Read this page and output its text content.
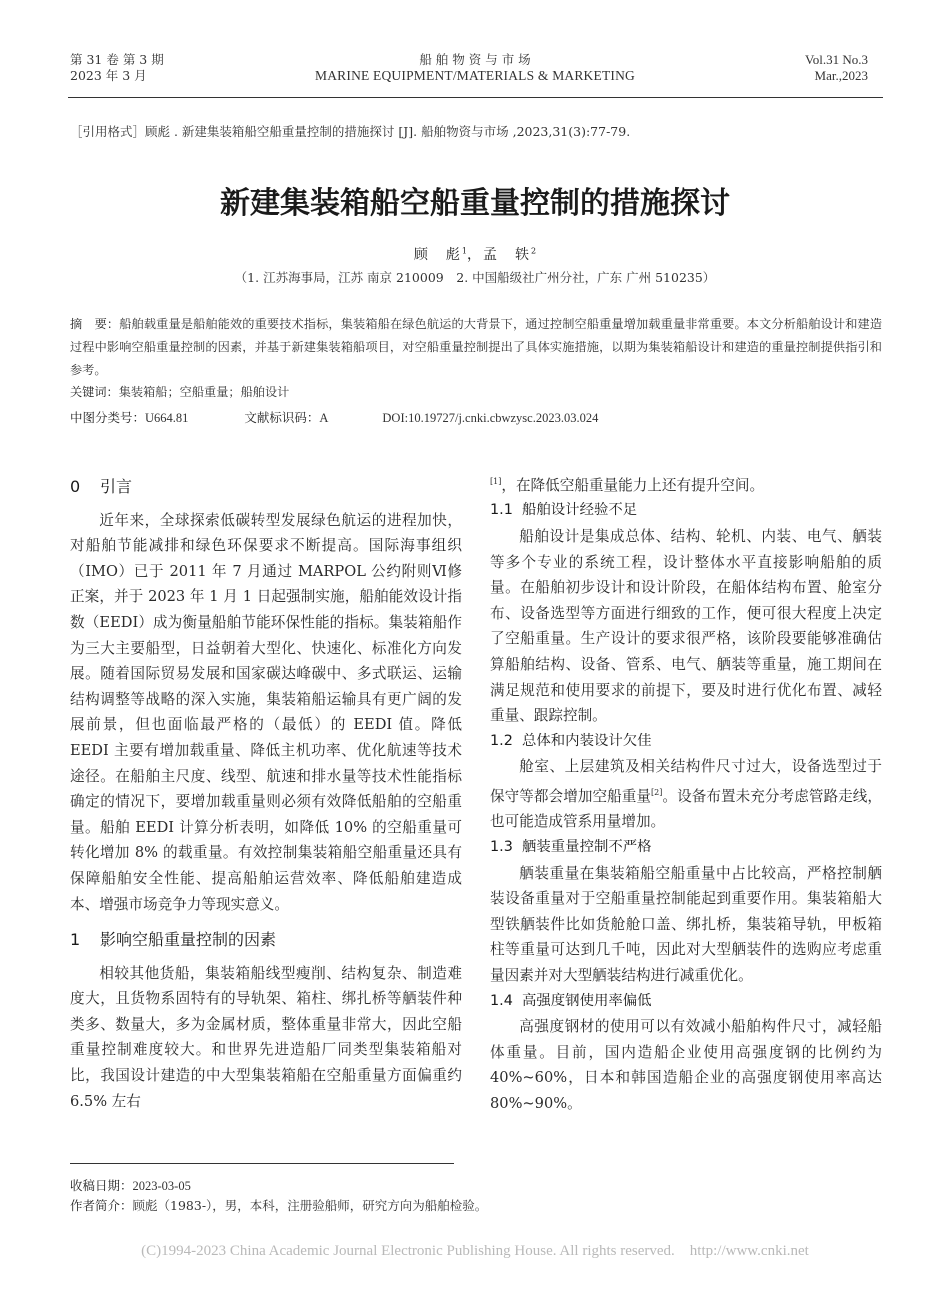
第 31 卷 第 3 期
2023 年 3 月
船 舶 物 资 与 市 场
MARINE EQUIPMENT/MATERIALS & MARKETING
Vol.31 No.3
Mar.,2023
［引用格式］顾彪 . 新建集装箱船空船重量控制的措施探讨 [J]. 船舶物资与市场 ,2023,31(3):77-79.
新建集装箱船空船重量控制的措施探讨
顾　彪$^1$，孟　轶$^2$
（1. 江苏海事局，江苏 南京 210009　2. 中国船级社广州分社，广东 广州 510235）
摘　要：船舶载重量是船舶能效的重要技术指标，集装箱船在绿色航运的大背景下，通过控制空船重量增加载重量非常重要。本文分析船舶设计和建造过程中影响空船重量控制的因素，并基于新建集装箱船项目，对空船重量控制提出了具体实施措施，以期为集装箱船设计和建造的重量控制提供指引和参考。
关键词：集装箱船；空船重量；船舶设计
中图分类号：U664.81	文献标识码：A	DOI:10.19727/j.cnki.cbwzysc.2023.03.024

0 引言

近年来，全球探索低碳转型发展绿色航运的进程加快，对船舶节能减排和绿色环保要求不断提高。国际海事组织（IMO）已于 2011 年 7 月通过 MARPOL 公约附则Ⅵ修正案，并于 2023 年 1 月 1 日起强制实施，船舶能效设计指数（EEDI）成为衡量船舶节能环保性能的指标。集装箱船作为三大主要船型，日益朝着大型化、快速化、标准化方向发展。随着国际贸易发展和国家碳达峰碳中、多式联运、运输结构调整等战略的深入实施，集装箱船运输具有更广阔的发展前景，但也面临最严格的（最低）的 EEDI 值。降低 EEDI 主要有增加载重量、降低主机功率、优化航速等技术途径。在船舶主尺度、线型、航速和排水量等技术性能指标确定的情况下，要增加载重量则必须有效降低船舶的空船重量。船舶 EEDI 计算分析表明，如降低 10% 的空船重量可转化增加 8% 的载重量。有效控制集装箱船空船重量还具有保障船舶安全性能、提高船舶运营效率、降低船舶建造成本、增强市场竞争力等现实意义。

1 影响空船重量控制的因素

相较其他货船，集装箱船线型瘦削、结构复杂、制造难度大，且货物系固特有的导轨架、箱柱、绑扎桥等舾装件种类多、数量大，多为金属材质，整体重量非常大，因此空船重量控制难度较大。和世界先进造船厂同类型集装箱船对比，我国设计建造的中大型集装箱船在空船重量方面偏重约 6.5% 左右

[1]，在降低空船重量能力上还有提升空间。

1.1 船舶设计经验不足

船舶设计是集成总体、结构、轮机、内装、电气、舾装等多个专业的系统工程，设计整体水平直接影响船舶的质量。在船舶初步设计和设计阶段，在船体结构布置、舱室分布、设备选型等方面进行细致的工作，便可很大程度上决定了空船重量。生产设计的要求很严格，该阶段要能够准确估算船舶结构、设备、管系、电气、舾装等重量，施工期间在满足规范和使用要求的前提下，要及时进行优化布置、减轻重量、跟踪控制。

1.2 总体和内装设计欠佳

舱室、上层建筑及相关结构件尺寸过大，设备选型过于保守等都会增加空船重量[2]。设备布置未充分考虑管路走线，也可能造成管系用量增加。

1.3 舾装重量控制不严格

舾装重量在集装箱船空船重量中占比较高，严格控制舾装设备重量对于空船重量控制能起到重要作用。集装箱船大型铁舾装件比如货舱舱口盖、绑扎桥，集装箱导轨，甲板箱柱等重量可达到几千吨，因此对大型舾装件的选购应考虑重量因素并对大型舾装结构进行减重优化。

1.4 高强度钢使用率偏低

高强度钢材的使用可以有效减小船舶构件尺寸，减轻船体重量。目前，国内造船企业使用高强度钢的比例约为 40%~60%，日本和韩国造船企业的高强度钢使用率高达 80%~90%。

收稿日期：2023-03-05
作者简介：顾彪（1983-），男，本科，注册验船师，研究方向为船舶检验。
(C)1994-2023 China Academic Journal Electronic Publishing House. All rights reserved.    http://www.cnki.net
